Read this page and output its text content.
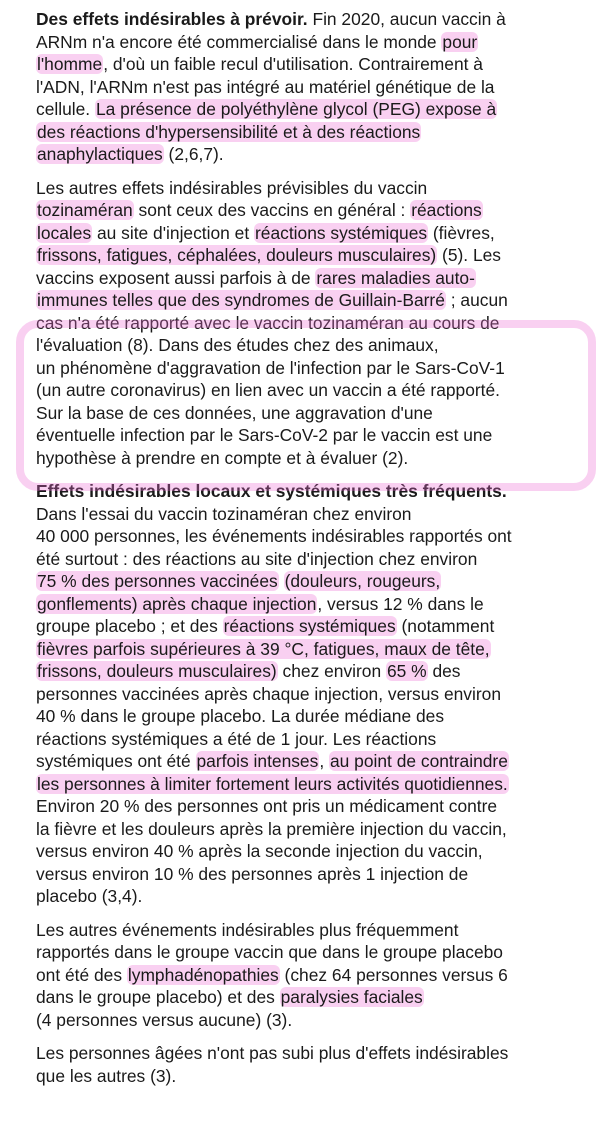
Des effets indésirables à prévoir. Fin 2020, aucun vaccin à
ARNm n'a encore été commercialisé dans le monde pour
l'homme, d'où un faible recul d'utilisation. Contrairement à
l'ADN, l'ARNm n'est pas intégré au matériel génétique de la
cellule. La présence de polyéthylène glycol (PEG) expose à
des réactions d'hypersensibilité et à des réactions
anaphylactiques (2,6,7).
Les autres effets indésirables prévisibles du vaccin
tozinaméran sont ceux des vaccins en général : réactions
locales au site d'injection et réactions systémiques (fièvres,
frissons, fatigues, céphalées, douleurs musculaires) (5). Les
vaccins exposent aussi parfois à de rares maladies auto-
immunes telles que des syndromes de Guillain-Barré ; aucun
cas n'a été rapporté avec le vaccin tozinaméran au cours de
l'évaluation (8). Dans des études chez des animaux,
un phénomène d'aggravation de l'infection par le Sars-CoV-1
(un autre coronavirus) en lien avec un vaccin a été rapporté.
Sur la base de ces données, une aggravation d'une
éventuelle infection par le Sars-CoV-2 par le vaccin est une
hypothèse à prendre en compte et à évaluer (2).
Effets indésirables locaux et systémiques très fréquents.
Dans l'essai du vaccin tozinaméran chez environ
40 000 personnes, les événements indésirables rapportés ont
été surtout : des réactions au site d'injection chez environ
75 % des personnes vaccinées (douleurs, rougeurs,
gonflements) après chaque injection, versus 12 % dans le
groupe placebo ; et des réactions systémiques (notamment
fièvres parfois supérieures à 39 °C, fatigues, maux de tête,
frissons, douleurs musculaires) chez environ 65 % des
personnes vaccinées après chaque injection, versus environ
40 % dans le groupe placebo. La durée médiane des
réactions systémiques a été de 1 jour. Les réactions
systémiques ont été parfois intenses, au point de contraindre
les personnes à limiter fortement leurs activités quotidiennes.
Environ 20 % des personnes ont pris un médicament contre
la fièvre et les douleurs après la première injection du vaccin,
versus environ 40 % après la seconde injection du vaccin,
versus environ 10 % des personnes après 1 injection de
placebo (3,4).
Les autres événements indésirables plus fréquemment
rapportés dans le groupe vaccin que dans le groupe placebo
ont été des lymphadénopathies (chez 64 personnes versus 6
dans le groupe placebo) et des paralysies faciales
(4 personnes versus aucune) (3).
Les personnes âgées n'ont pas subi plus d'effets indésirables
que les autres (3).
